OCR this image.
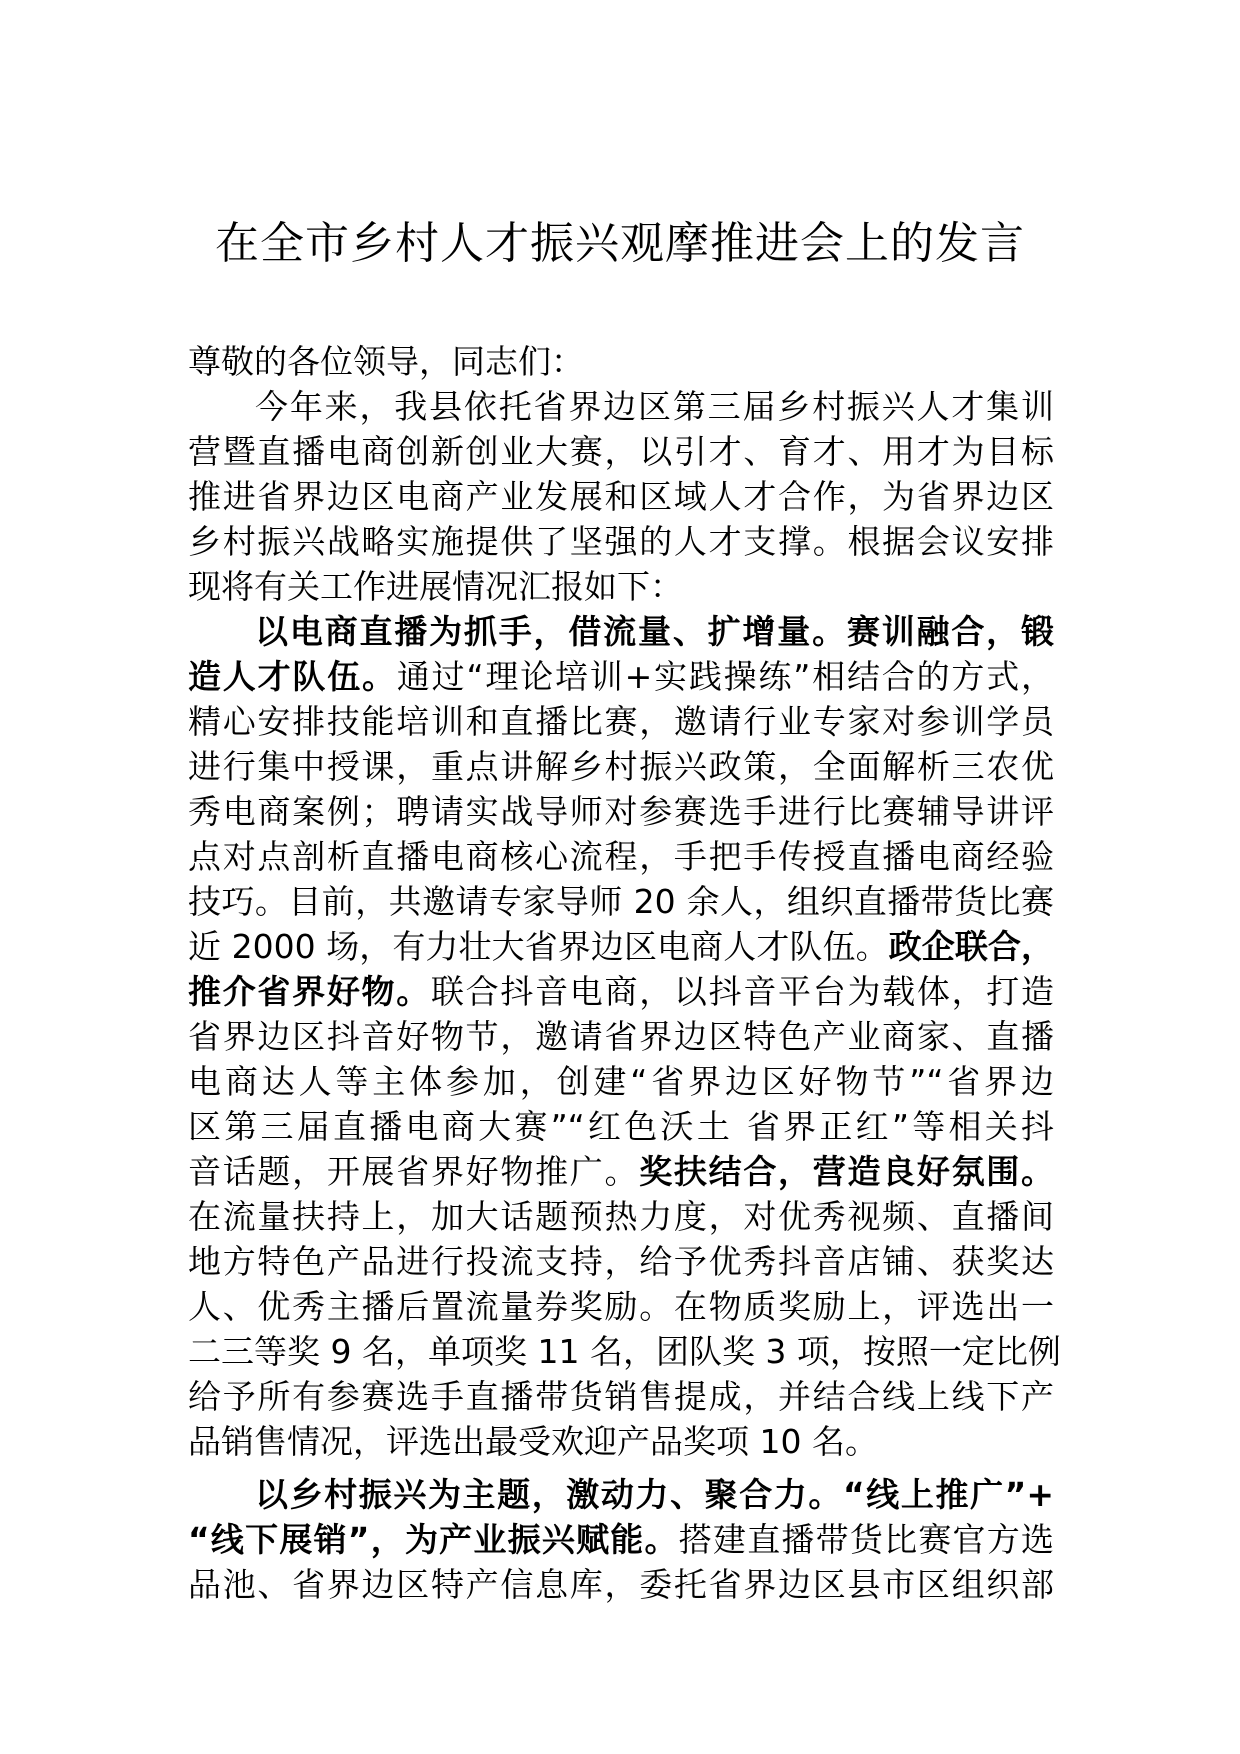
在全市乡村人才振兴观摩推进会上的发言
尊敬的各位领导，同志们：
今年来，我县依托省界边区第三届乡村振兴人才集训
营暨直播电商创新创业大赛，以引才、育才、用才为目标
推进省界边区电商产业发展和区域人才合作，为省界边区
乡村振兴战略实施提供了坚强的人才支撑。根据会议安排
现将有关工作进展情况汇报如下：
以电商直播为抓手，借流量、扩增量。赛训融合，锻
造人才队伍。通过“理论培训+实践操练”相结合的方式，
精心安排技能培训和直播比赛，邀请行业专家对参训学员
进行集中授课，重点讲解乡村振兴政策，全面解析三农优
秀电商案例；聘请实战导师对参赛选手进行比赛辅导讲评
点对点剖析直播电商核心流程，手把手传授直播电商经验
技巧。目前，共邀请专家导师 20 余人，组织直播带货比赛
近 2000 场，有力壮大省界边区电商人才队伍。政企联合，
推介省界好物。联合抖音电商，以抖音平台为载体，打造
省界边区抖音好物节，邀请省界边区特色产业商家、直播
电商达人等主体参加，创建“省界边区好物节”“省界边
区第三届直播电商大赛”“红色沃土 省界正红”等相关抖
音话题，开展省界好物推广。奖扶结合，营造良好氛围。
在流量扶持上，加大话题预热力度，对优秀视频、直播间
地方特色产品进行投流支持，给予优秀抖音店铺、获奖达
人、优秀主播后置流量券奖励。在物质奖励上，评选出一
二三等奖 9 名，单项奖 11 名，团队奖 3 项，按照一定比例
给予所有参赛选手直播带货销售提成，并结合线上线下产
品销售情况，评选出最受欢迎产品奖项 10 名。
以乡村振兴为主题，激动力、聚合力。“线上推广”+
“线下展销”，为产业振兴赋能。搭建直播带货比赛官方选
品池、省界边区特产信息库，委托省界边区县市区组织部
